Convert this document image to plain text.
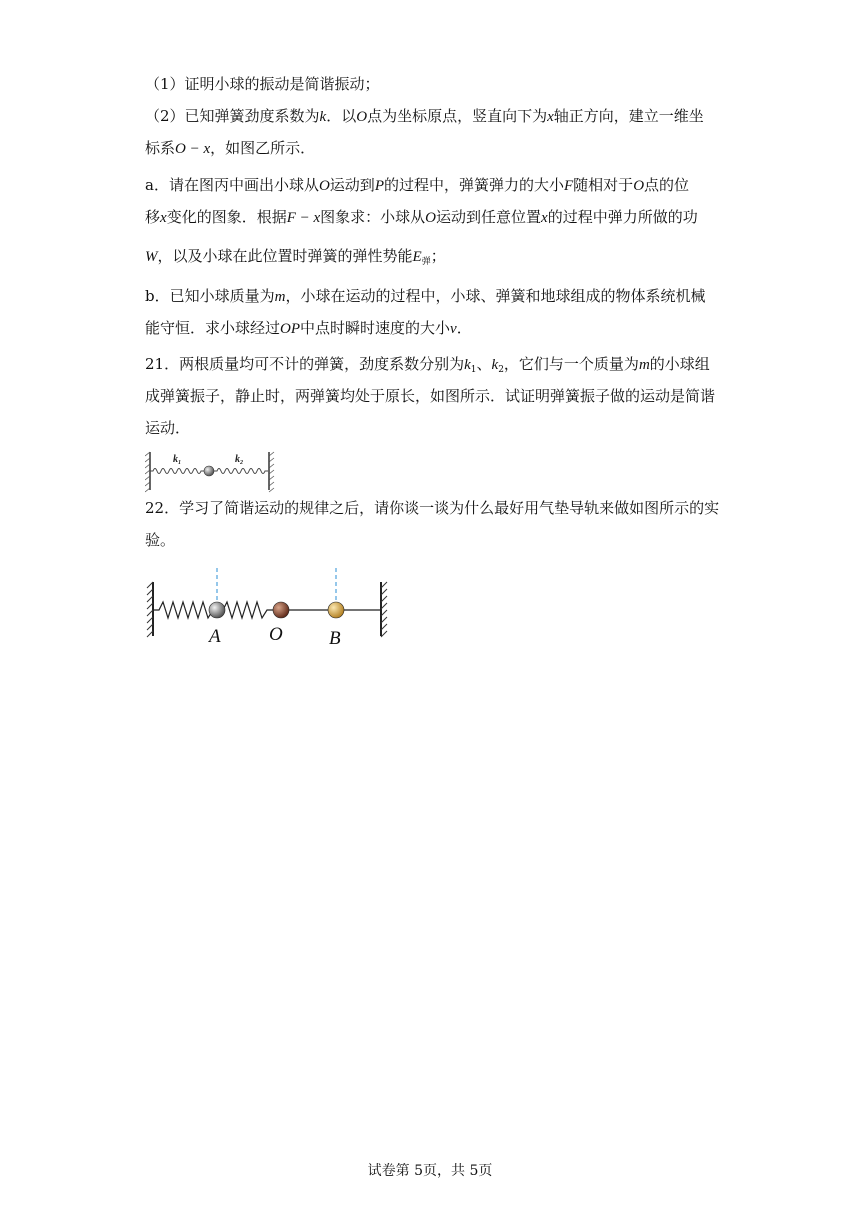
（1）证明小球的振动是简谐振动；
（2）已知弹簧劲度系数为k．以O点为坐标原点，竖直向下为x轴正方向，建立一维坐
标系O − x，如图乙所示．
a．请在图丙中画出小球从O运动到P的过程中，弹簧弹力的大小F随相对于O点的位
移x变化的图象．根据F − x图象求：小球从O运动到任意位置x的过程中弹力所做的功
W，以及小球在此位置时弹簧的弹性势能$E_弹$；
b．已知小球质量为m，小球在运动的过程中，小球、弹簧和地球组成的物体系统机械
能守恒．求小球经过OP中点时瞬时速度的大小v．
21．两根质量均可不计的弹簧，劲度系数分别为$k_1$、$k_2$，它们与一个质量为m的小球组
成弹簧振子，静止时，两弹簧均处于原长，如图所示．试证明弹簧振子做的运动是简谐
运动．
$k_1$	$k_2$
22．学习了简谐运动的规律之后，请你谈一谈为什么最好用气垫导轨来做如图所示的实
验。
A	O B
试卷第 5页，共 5页
